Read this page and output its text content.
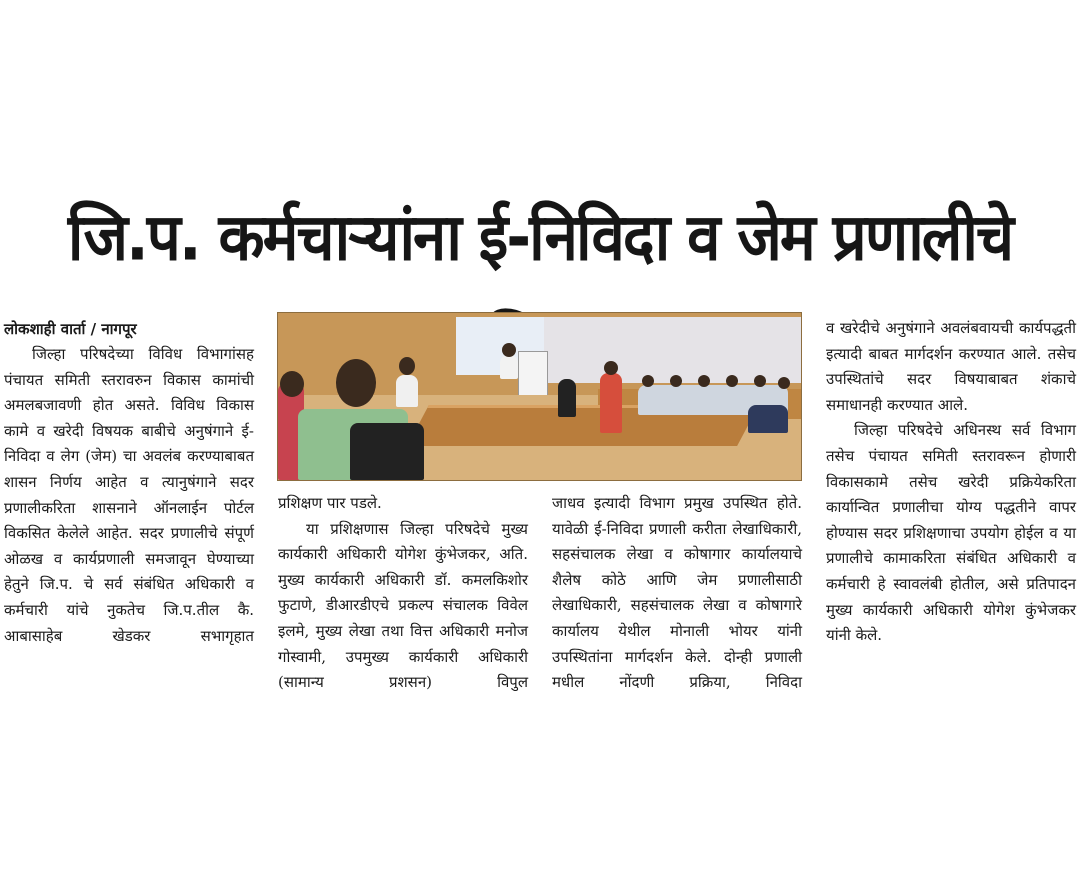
जि.प. कर्मचाऱ्यांना ई-निविदा व जेम प्रणालीचे

लोकशाही वार्ता / नागपूर

जिल्हा परिषदेच्या विविध विभागांसह पंचायत समिती स्तरावरुन विकास कामांची अमलबजावणी होत असते. विविध विकास कामे व खरेदी विषयक बाबीचे अनुषंगाने ई-निविदा व लेग (जेम) चा अवलंब करण्याबाबत शासन निर्णय आहेत व त्यानुषंगाने सदर प्रणालीकरिता शासनाने ऑनलाईन पोर्टल विकसित केलेले आहेत. सदर प्रणालीचे संपूर्ण ओळख व कार्यप्रणाली समजावून घेण्याच्या हेतुने जि.प. चे सर्व संबंधित अधिकारी व कर्मचारी यांचे नुकतेच जि.प.तील कै. आबासाहेब खेडकर सभागृहात

प्रशिक्षण पार पडले.

या प्रशिक्षणास जिल्हा परिषदेचे मुख्य कार्यकारी अधिकारी योगेश कुंभेजकर, अति. मुख्य कार्यकारी अधिकारी डॉ. कमलकिशोर फुटाणे, डीआरडीएचे प्रकल्प संचालक विवेल इलमे, मुख्य लेखा तथा वित्त अधिकारी मनोज गोस्वामी, उपमुख्य कार्यकारी अधिकारी (सामान्य प्रशसन) विपुल

जाधव इत्यादी विभाग प्रमुख उपस्थित होते. यावेळी ई-निविदा प्रणाली करीता लेखाधिकारी, सहसंचालक लेखा व कोषागार कार्यालयाचे शैलेष कोठे आणि जेम प्रणालीसाठी लेखाधिकारी, सहसंचालक लेखा व कोषागारे कार्यालय येथील मोनाली भोयर यांनी उपस्थितांना मार्गदर्शन केले. दोन्ही प्रणाली मधील नोंदणी प्रक्रिया, निविदा

व खरेदीचे अनुषंगाने अवलंबवायची कार्यपद्धती इत्यादी बाबत मार्गदर्शन करण्यात आले. तसेच उपस्थितांचे सदर विषयाबाबत शंकाचे समाधानही करण्यात आले.

जिल्हा परिषदेचे अधिनस्थ सर्व विभाग तसेच पंचायत समिती स्तरावरून होणारी विकासकामे तसेच खरेदी प्रक्रियेकरिता कार्यान्वित प्रणालीचा योग्य पद्धतीने वापर होण्यास सदर प्रशिक्षणाचा उपयोग होईल व या प्रणालीचे कामाकरिता संबंधित अधिकारी व कर्मचारी हे स्वावलंबी होतील, असे प्रतिपादन मुख्य कार्यकारी अधिकारी योगेश कुंभेजकर यांनी केले.
